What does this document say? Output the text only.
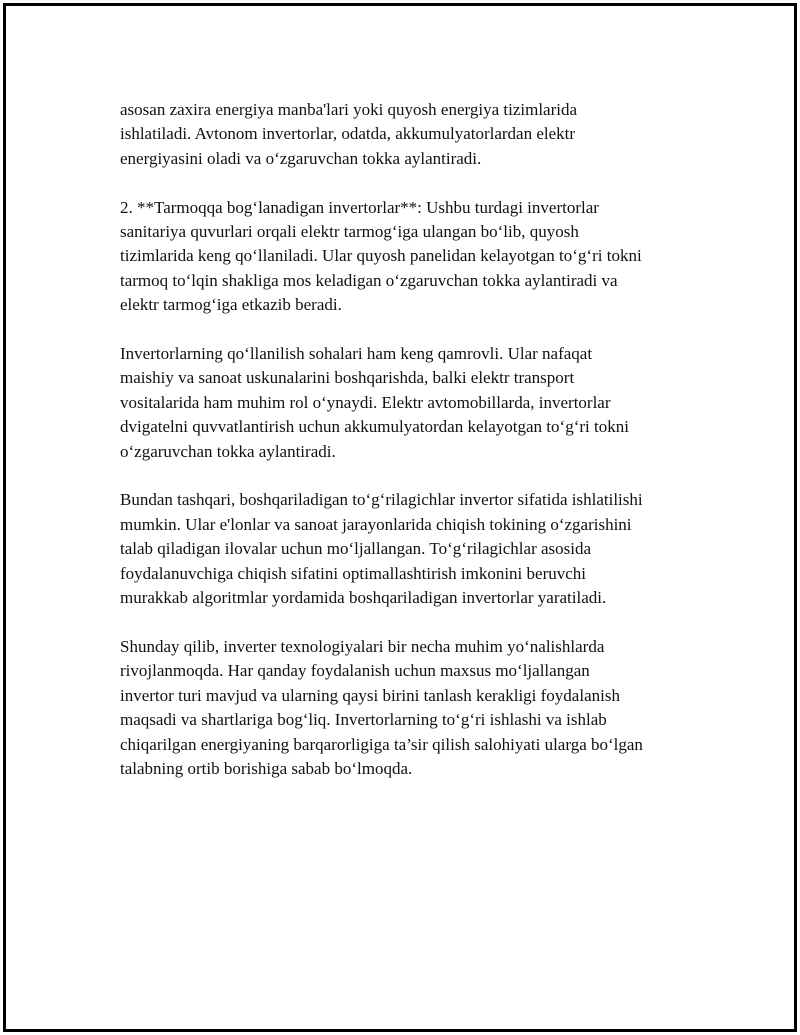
asosan zaxira energiya manba'lari yoki quyosh energiya tizimlarida
ishlatiladi. Avtonom invertorlar, odatda, akkumulyatorlardan elektr
energiyasini oladi va o‘zgaruvchan tokka aylantiradi.

2. **Tarmoqqa bog‘lanadigan invertorlar**: Ushbu turdagi invertorlar
sanitariya quvurlari orqali elektr tarmog‘iga ulangan bo‘lib, quyosh
tizimlarida keng qo‘llaniladi. Ular quyosh panelidan kelayotgan to‘g‘ri tokni
tarmoq to‘lqin shakliga mos keladigan o‘zgaruvchan tokka aylantiradi va
elektr tarmog‘iga etkazib beradi.

Invertorlarning qo‘llanilish sohalari ham keng qamrovli. Ular nafaqat
maishiy va sanoat uskunalarini boshqarishda, balki elektr transport
vositalarida ham muhim rol o‘ynaydi. Elektr avtomobillarda, invertorlar
dvigatelni quvvatlantirish uchun akkumulyatordan kelayotgan to‘g‘ri tokni
o‘zgaruvchan tokka aylantiradi.

Bundan tashqari, boshqariladigan to‘g‘rilagichlar invertor sifatida ishlatilishi
mumkin. Ular e'lonlar va sanoat jarayonlarida chiqish tokining o‘zgarishini
talab qiladigan ilovalar uchun mo‘ljallangan. To‘g‘rilagichlar asosida
foydalanuvchiga chiqish sifatini optimallashtirish imkonini beruvchi
murakkab algoritmlar yordamida boshqariladigan invertorlar yaratiladi.

Shunday qilib, inverter texnologiyalari bir necha muhim yo‘nalishlarda
rivojlanmoqda. Har qanday foydalanish uchun maxsus mo‘ljallangan
invertor turi mavjud va ularning qaysi birini tanlash kerakligi foydalanish
maqsadi va shartlariga bog‘liq. Invertorlarning to‘g‘ri ishlashi va ishlab
chiqarilgan energiyaning barqarorligiga ta’sir qilish salohiyati ularga bo‘lgan
talabning ortib borishiga sabab bo‘lmoqda.
